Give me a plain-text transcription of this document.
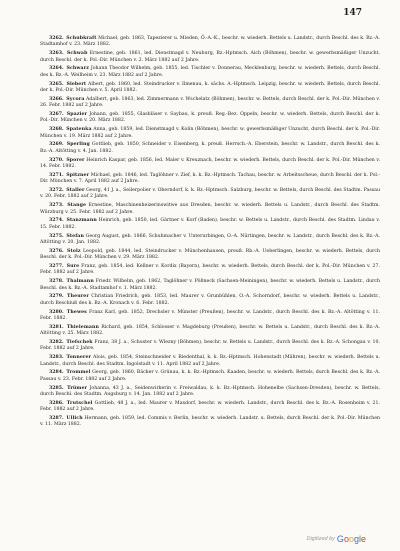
147

3262. Schubkraft Michael, geb. 1863, Tapezierer u. Mieden, Ö.-A.-K., beschr. w. wiederh. Bettels u. Landstr., durch Beschl. des k. Bz.-A. Stadtamhof v. 23. März 1882.

3263. Schwab Ernestine, geb. 1861, led. Dienstmagd v. Neuburg, Bz.-Hptmsch. Aich (Böhmen), beschr. w. gewerbsmäßiger Unzucht, durch Beschl. der k. Pol.-Dir. München v. 2. März 1882 auf 2 Jahre.

3264. Schwarz Johann Theodor Wilhelm, geb. 1855, led. Tischler v. Donnerau, Mecklenburg, beschr. w. wiederh. Bettels, durch Beschl. des k. Bz.-A. Weilheim v. 23. März 1882 auf 2 Jahre.

3265. Siebert Albert, geb. 1860, led. Steindrucker v. Ilmenau, k. sächs. A.-Hptmsch. Leipzig, beschr. w. wiederh. Bettels, durch Beschl. der k. Pol.-Dir. München v. 5. April 1882.

3266. Sycora Adalbert, geb. 1863, led. Zimmermann v. Wschelatz (Böhmen), beschr. w. Bettels, durch Beschl. der k. Pol.-Dir. München v. 26. Febr. 1882 auf 2 Jahre.

3267. Spazier Johann, geb. 1855, Glasbläser v. Saybau, k. preuß. Reg.-Bez. Oppeln, beschr. w. wiederh. Bettels, durch Beschl. der k. Pol.-Dir. München v. 20. März 1882.

3268. Spatenka Anna, geb. 1859, led. Dienstmagd v. Kolin (Böhmen), beschr. w. gewerbsmäßiger Unzucht, durch Beschl. der k. Pol.-Dir. München v. 19. März 1882 auf 2 Jahre.

3269. Sperling Gottlieb, geb. 1850, Schneider v. Eisenberg, k. preuß. Herrsch.-A. Eberstein, beschr. w. Landstr., durch Beschl. des k. Bz.-A. Altötting v. 4. Jan. 1882.

3270. Sporer Heinrich Kaspar, geb. 1856, led. Maler v. Kreuznach, beschr. w. wiederh. Bettels, durch Beschl. der k. Pol.-Dir. München v. 14. Febr. 1882.

3271. Spitzner Michael, geb. 1846, led. Taglöhner v. Zief, k. k. Bz.-Hptmsch. Tachau, beschr. w. Arbeitsscheue, durch Beschl. der k. Pol.-Dir. München v. 7. April 1882 auf 2 Jahre.

3272. Staller Georg, 41 J. a., Seilerpolier v. Oberndorf, k. k. Bz.-Hptmsch. Salzburg, beschr. w. Bettels, durch Beschl. des Stadtm. Passau v. 20. Febr. 1882 auf 2 Jahre.

3273. Stange Ernestine, Maschinenheizerinswitwe aus Dresden, beschr. w. wiederh. Bettels u. Landstr., durch Beschl. des Stadtm. Würzburg v. 25. Febr. 1882 auf 2 Jahre.

3274. Stanzmann Heinrich, geb. 1850, led. Gärtner v. Korf (Baden), beschr. w. Bettels u. Landstr., durch Beschl. des Stadtm. Lindau v. 15. Febr. 1882.

3275. Stefan Georg August, geb. 1866, Schuhmacher v. Unterurbingen, O.-A. Nürtingen, beschr. w. Landstr., durch Beschl. des k. Bz.-A. Altötting v. 20. Jan. 1882.

3276. Stolz Leopold, geb. 1844, led. Steindrucker v. Münchenhausen, preuß. Rb.-A. Ueberlingen, beschr. w. wiederh. Bettels, durch Beschl. der k. Pol.-Dir. München v. 29. März 1882.

3277. Sure Franz, geb. 1854, led. Kellner v. Kordix (Bayern), beschr. w. wiederh. Bettels, durch Beschl. der k. Pol.-Dir. München v. 27. Febr. 1882 auf 2 Jahre.

3278. Thalmann Friedr. Wilhelm, geb. 1862, Taglöhner v. Pößneck (Sachsen-Meiningen), beschr. w. wiederh. Bettels u. Landstr., durch Beschl. des k. Bz.-A. Stadtamhof v. 1. März 1882.

3279. Theurer Christian Friedrich, geb. 1853, led. Maurer v. Grunbühlen, O.-A. Schorndorf, beschr. w. wiederh. Bettels u. Landstr., durch Beschluß des k. Bz.-A. Kronach v. 6. Febr. 1882.

3280. Thewes Franz Karl, geb. 1852, Drechsler v. Münster (Preußen), beschr. w. Landstr., durch Beschl. des k. Bz.-A. Altötting v. 11. Febr. 1882.

3281. Thielemann Richard, geb. 1854, Schlosser v. Magdeburg (Preußen), beschr. w. Bettels u. Landstr., durch Beschl. des k. Bz.-A. Altötting v. 25. März 1882.

3282. Tiefschek Franz, 38 J. a., Schuster v. Wlezny (Böhmen), beschr. w. Bettels u. Landstr., durch Beschl. des k. Bz.-A. Schongau v. 10. Febr. 1882 auf 2 Jahre.

3283. Tonnerer Alois, geb. 1854, Steinschneider v. Riedenthal, k. k. Bz.-Hptmsch. Hohenstadt (Mähren), beschr. w. wiederh. Bettels u. Landstr., durch Beschl. des Stadtm. Ingolstadt v. 11. April 1882 auf 2 Jahre.

3284. Trommel Georg, geb. 1860, Bäcker v. Grünau, k. k. Bz.-Hptmsch. Kaaden, beschr. w. wiederh. Bettels, durch Beschl. des k. Bz.-A. Passau v. 23. Febr. 1882 auf 2 Jahre.

3285. Trümer Johanna, 43 J. a., Seidenwirkerin v. Freiwaldau, k. k. Bz.-Hptmsch. Hohenelbe (Sachsen-Dresden), beschr. w. Bettels, durch Beschl. des Stadtm. Augsburg v. 14. Jan. 1882 auf 2 Jahre.

3286. Trutschel Gottlieb, 48 J. a., led. Maurer v. Maxdorf, beschr. w. wiederh. Landstr., durch Beschl. des k. Bz.-A. Rosenheim v. 21. Febr. 1882 auf 2 Jahre.

3287. Ullich Hermann, geb. 1859, led. Commis v. Berlin, beschr. w. wiederh. Landstr. u. Bettels, durch Beschl. der k. Pol.-Dir. München v. 11. März 1882.

Digitized by Google
